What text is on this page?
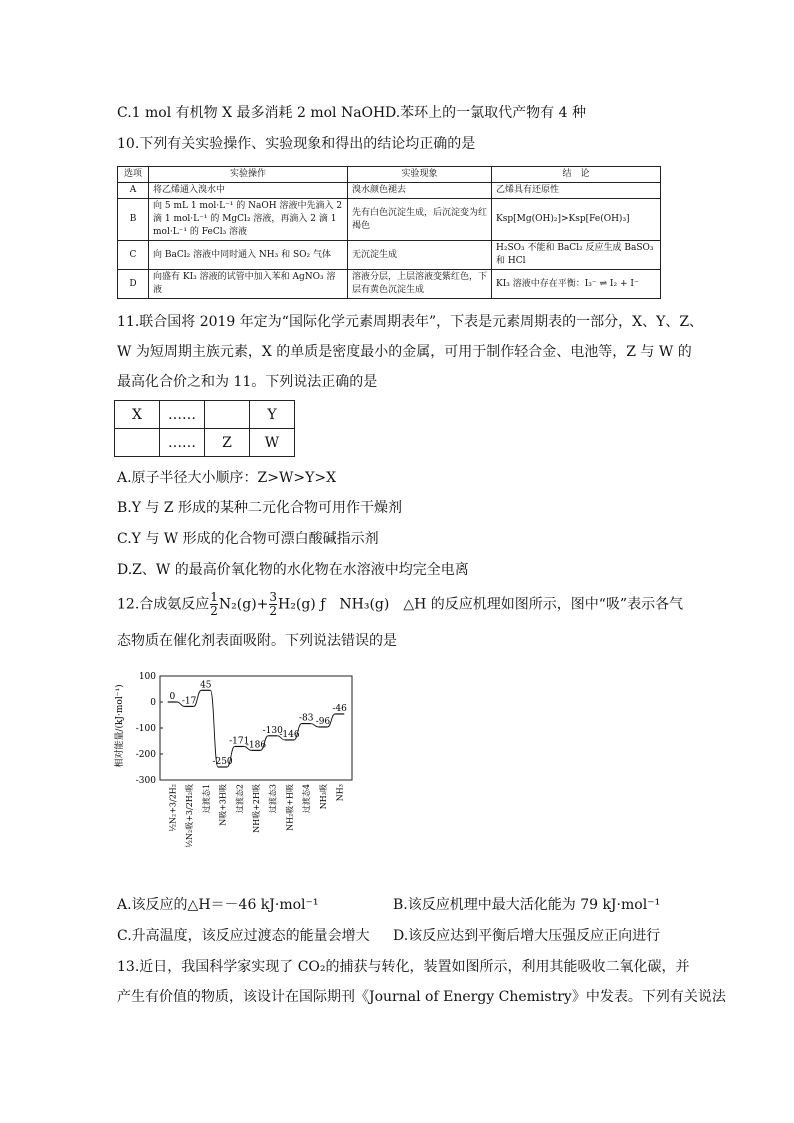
C.1 mol 有机物 X 最多消耗 2 mol NaOH D.苯环上的一氯取代产物有 4 种
10.下列有关实验操作、实验现象和得出的结论均正确的是
选项	实验操作	实验现象	结　论
A	将乙烯通入溴水中	溴水颜色褪去	乙烯具有还原性
B	向 5 mL 1 mol·L⁻¹ 的 NaOH 溶液中先滴入 2 滴 1 mol·L⁻¹ 的 MgCl₂ 溶液，再滴入 2 滴 1 mol·L⁻¹ 的 FeCl₃ 溶液	先有白色沉淀生成，后沉淀变为红褐色	Ksp[Mg(OH)₂]>Ksp[Fe(OH)₃]
C	向 BaCl₂ 溶液中同时通入 NH₃ 和 SO₂ 气体	无沉淀生成	H₂SO₃ 不能和 BaCl₂ 反应生成 BaSO₃ 和 HCl
D	向盛有 KI₃ 溶液的试管中加入苯和 AgNO₃ 溶液	溶液分层，上层溶液变紫红色，下层有黄色沉淀生成	KI₃ 溶液中存在平衡：I₃⁻ ⇌ I₂ + I⁻
11.联合国将 2019 年定为“国际化学元素周期表年”，下表是元素周期表的一部分，X、Y、Z、
W 为短周期主族元素，X 的单质是密度最小的金属，可用于制作轻合金、电池等，Z 与 W 的
最高化合价之和为 11。下列说法正确的是
X	……		Y
	……	Z	W
A.原子半径大小顺序：Z>W>Y>X
B.Y 与 Z 形成的某种二元化合物可用作干燥剂
C.Y 与 W 形成的化合物可漂白酸碱指示剂
D.Z、W 的最高价氧化物的水化物在水溶液中均完全电离
12.合成氨反应 $\frac{1}{2} N_2(g)+ \frac{3}{2} H_2(g)$ ƒ　NH₃(g)　△H 的反应机理如图所示，图中“吸”表示各气
态物质在催化剂表面吸附。下列说法错误的是
相对能量/(kJ·mol⁻¹)
100
0
-100
-200
-300
0
½N₂+3/2H₂
-17
½N₂吸+3/2H₂吸
45
过渡态1
-250
N吸+3H吸
-171
过渡态2
-186
NH吸+2H吸
-130
过渡态3
-146
NH₂吸+H吸
-83
过渡态4
-96
NH₃吸
-46
NH₃
A.该反应的△H＝－46 kJ·mol⁻¹	B.该反应机理中最大活化能为 79 kJ·mol⁻¹
C.升高温度，该反应过渡态的能量会增大 D.该反应达到平衡后增大压强反应正向进行
13.近日，我国科学家实现了 CO₂的捕获与转化，装置如图所示，利用其能吸收二氧化碳，并
产生有价值的物质，该设计在国际期刊《Journal of Energy Chemistry》中发表。下列有关说法
